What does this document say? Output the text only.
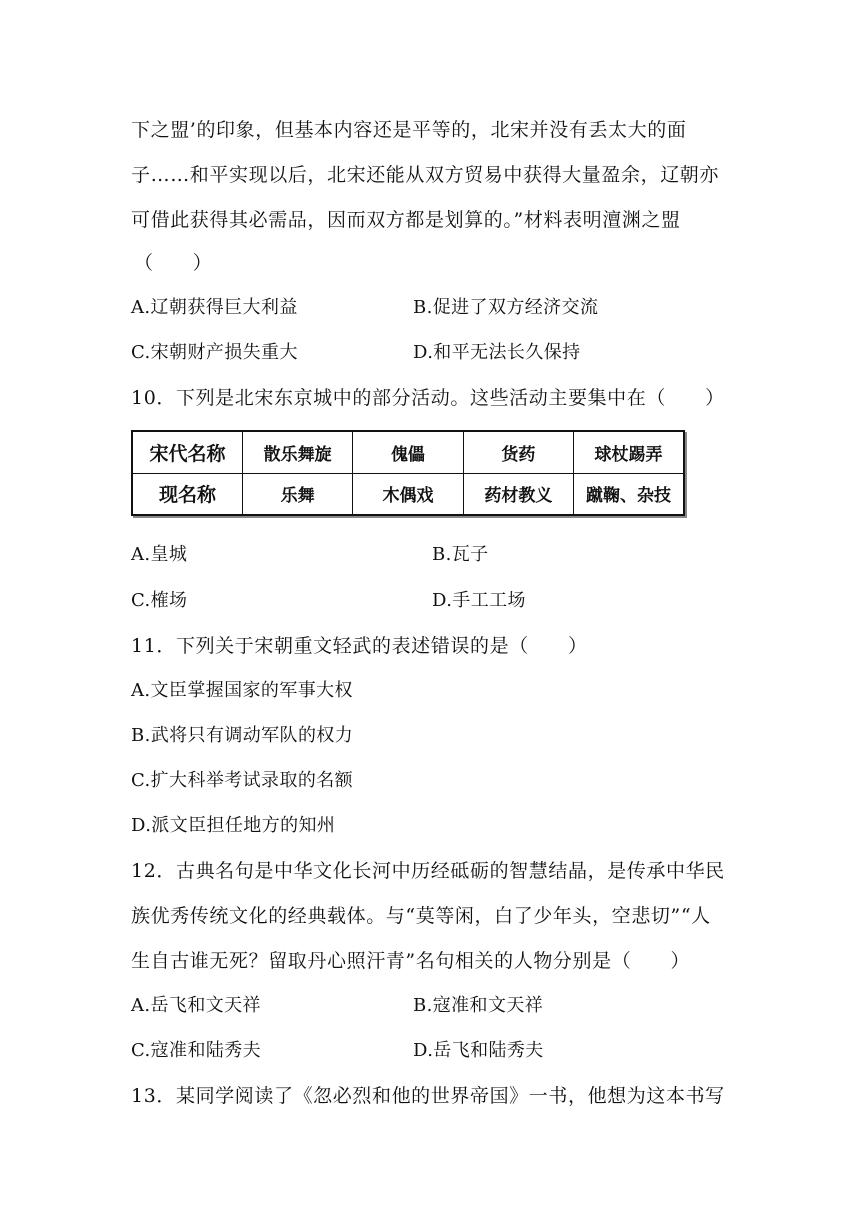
下之盟’的印象，但基本内容还是平等的，北宋并没有丢太大的面
子……和平实现以后，北宋还能从双方贸易中获得大量盈余，辽朝亦
可借此获得其必需品，因而双方都是划算的。”材料表明澶渊之盟
（　　）
A.辽朝获得巨大利益	B.促进了双方经济交流
C.宋朝财产损失重大	D.和平无法长久保持
10．下列是北宋东京城中的部分活动。这些活动主要集中在（　　）
宋代名称	散乐舞旋	傀儡	货药	球杖踢弄
现名称	乐舞	木偶戏	药材教义	蹴鞠、杂技
A.皇城	B.瓦子
C.榷场	D.手工工场
11．下列关于宋朝重文轻武的表述错误的是（　　）
A.文臣掌握国家的军事大权
B.武将只有调动军队的权力
C.扩大科举考试录取的名额
D.派文臣担任地方的知州
12．古典名句是中华文化长河中历经砥砺的智慧结晶，是传承中华民
族优秀传统文化的经典载体。与“莫等闲，白了少年头，空悲切”“人
生自古谁无死？留取丹心照汗青”名句相关的人物分别是（　　）
A.岳飞和文天祥	B.寇准和文天祥
C.寇准和陆秀夫	D.岳飞和陆秀夫
13．某同学阅读了《忽必烈和他的世界帝国》一书，他想为这本书写
